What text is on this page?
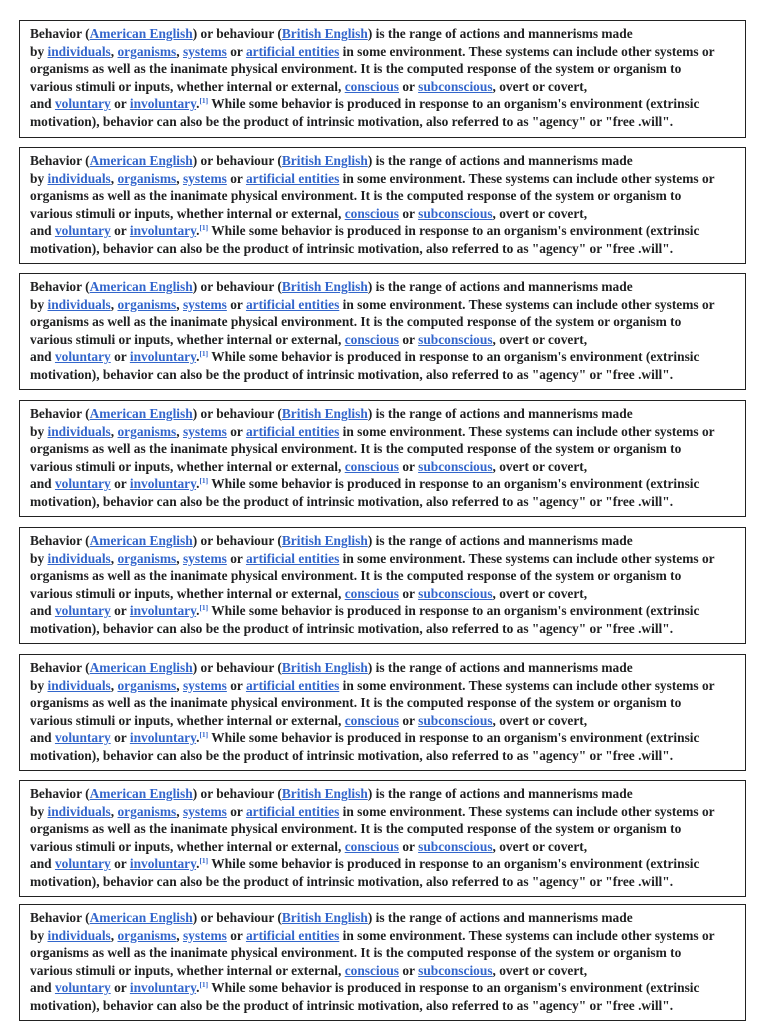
Behavior (American English) or behaviour (British English) is the range of actions and mannerisms made
by individuals, organisms, systems or artificial entities in some environment. These systems can include other systems or
organisms as well as the inanimate physical environment. It is the computed response of the system or organism to
various stimuli or inputs, whether internal or external, conscious or subconscious, overt or covert,
and voluntary or involuntary.[1] While some behavior is produced in response to an organism's environment (extrinsic
motivation), behavior can also be the product of intrinsic motivation, also referred to as "agency" or "free .will".
Behavior (American English) or behaviour (British English) is the range of actions and mannerisms made
by individuals, organisms, systems or artificial entities in some environment. These systems can include other systems or
organisms as well as the inanimate physical environment. It is the computed response of the system or organism to
various stimuli or inputs, whether internal or external, conscious or subconscious, overt or covert,
and voluntary or involuntary.[1] While some behavior is produced in response to an organism's environment (extrinsic
motivation), behavior can also be the product of intrinsic motivation, also referred to as "agency" or "free .will".
Behavior (American English) or behaviour (British English) is the range of actions and mannerisms made
by individuals, organisms, systems or artificial entities in some environment. These systems can include other systems or
organisms as well as the inanimate physical environment. It is the computed response of the system or organism to
various stimuli or inputs, whether internal or external, conscious or subconscious, overt or covert,
and voluntary or involuntary.[1] While some behavior is produced in response to an organism's environment (extrinsic
motivation), behavior can also be the product of intrinsic motivation, also referred to as "agency" or "free .will".
Behavior (American English) or behaviour (British English) is the range of actions and mannerisms made
by individuals, organisms, systems or artificial entities in some environment. These systems can include other systems or
organisms as well as the inanimate physical environment. It is the computed response of the system or organism to
various stimuli or inputs, whether internal or external, conscious or subconscious, overt or covert,
and voluntary or involuntary.[1] While some behavior is produced in response to an organism's environment (extrinsic
motivation), behavior can also be the product of intrinsic motivation, also referred to as "agency" or "free .will".
Behavior (American English) or behaviour (British English) is the range of actions and mannerisms made
by individuals, organisms, systems or artificial entities in some environment. These systems can include other systems or
organisms as well as the inanimate physical environment. It is the computed response of the system or organism to
various stimuli or inputs, whether internal or external, conscious or subconscious, overt or covert,
and voluntary or involuntary.[1] While some behavior is produced in response to an organism's environment (extrinsic
motivation), behavior can also be the product of intrinsic motivation, also referred to as "agency" or "free .will".
Behavior (American English) or behaviour (British English) is the range of actions and mannerisms made
by individuals, organisms, systems or artificial entities in some environment. These systems can include other systems or
organisms as well as the inanimate physical environment. It is the computed response of the system or organism to
various stimuli or inputs, whether internal or external, conscious or subconscious, overt or covert,
and voluntary or involuntary.[1] While some behavior is produced in response to an organism's environment (extrinsic
motivation), behavior can also be the product of intrinsic motivation, also referred to as "agency" or "free .will".
Behavior (American English) or behaviour (British English) is the range of actions and mannerisms made
by individuals, organisms, systems or artificial entities in some environment. These systems can include other systems or
organisms as well as the inanimate physical environment. It is the computed response of the system or organism to
various stimuli or inputs, whether internal or external, conscious or subconscious, overt or covert,
and voluntary or involuntary.[1] While some behavior is produced in response to an organism's environment (extrinsic
motivation), behavior can also be the product of intrinsic motivation, also referred to as "agency" or "free .will".
Behavior (American English) or behaviour (British English) is the range of actions and mannerisms made
by individuals, organisms, systems or artificial entities in some environment. These systems can include other systems or
organisms as well as the inanimate physical environment. It is the computed response of the system or organism to
various stimuli or inputs, whether internal or external, conscious or subconscious, overt or covert,
and voluntary or involuntary.[1] While some behavior is produced in response to an organism's environment (extrinsic
motivation), behavior can also be the product of intrinsic motivation, also referred to as "agency" or "free .will".
